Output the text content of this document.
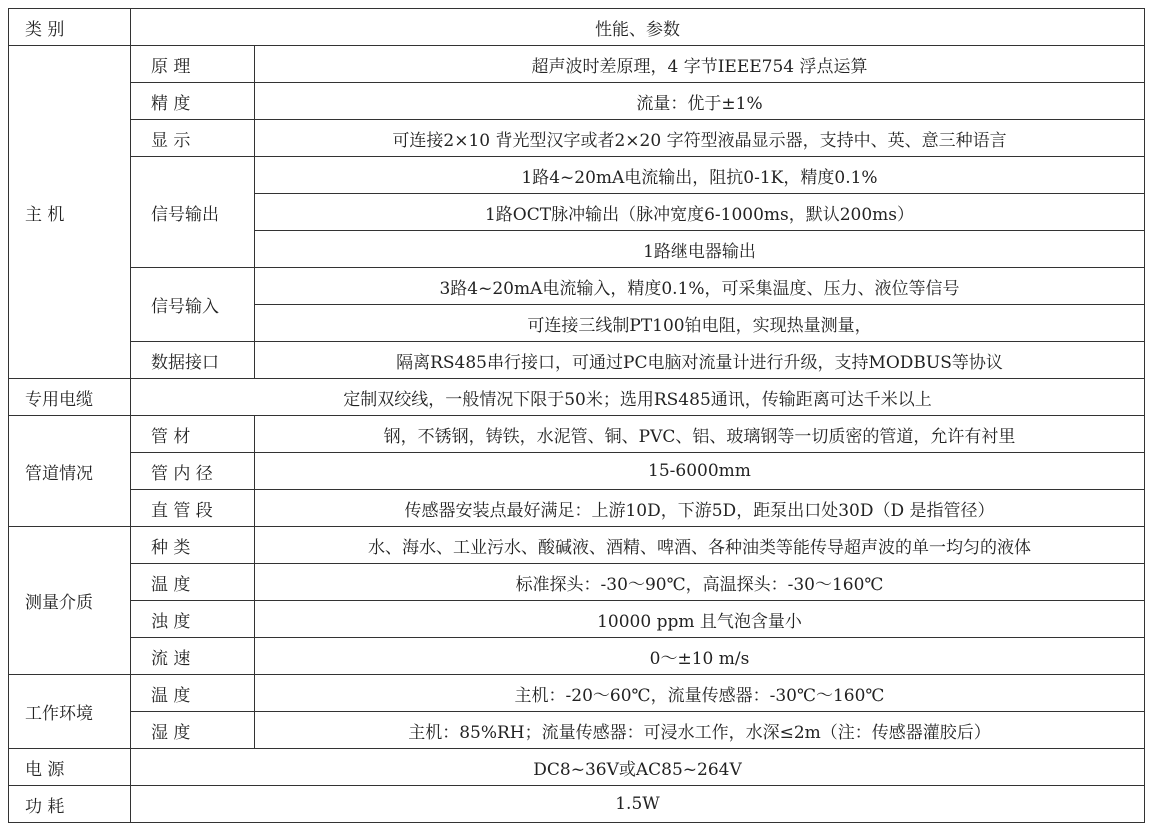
类 别	性能、参数	
主 机	原 理	超声波时差原理，4 字节IEEE754 浮点运算
	精 度	流量：优于±1%
	显 示	可连接2×10 背光型汉字或者2×20 字符型液晶显示器，支持中、英、意三种语言
	信号输出	1路4~20mA电流输出，阻抗0-1K，精度0.1%
		1路OCT脉冲输出（脉冲宽度6-1000ms，默认200ms）
		1路继电器输出
	信号输入	3路4~20mA电流输入，精度0.1%，可采集温度、压力、液位等信号
		可连接三线制PT100铂电阻，实现热量测量，
	数据接口	隔离RS485串行接口，可通过PC电脑对流量计进行升级，支持MODBUS等协议
专用电缆	定制双绞线，一般情况下限于50米；选用RS485通讯，传输距离可达千米以上	
管道情况	管 材	钢，不锈钢，铸铁，水泥管、铜、PVC、铝、玻璃钢等一切质密的管道，允许有衬里
	管 内 径	15-6000mm
	直 管 段	传感器安装点最好满足：上游10D，下游5D，距泵出口处30D（D 是指管径）
测量介质	种 类	水、海水、工业污水、酸碱液、酒精、啤酒、各种油类等能传导超声波的单一均匀的液体
	温 度	标准探头：-30～90℃，高温探头：-30～160℃
	浊 度	10000 ppm 且气泡含量小
	流 速	0～±10 m/s
工作环境	温 度	主机：-20～60℃，流量传感器：-30℃～160℃
	湿 度	主机：85%RH；流量传感器：可浸水工作，水深≤2m（注：传感器灌胶后）
电 源	DC8~36V或AC85~264V	
功 耗	1.5W	
